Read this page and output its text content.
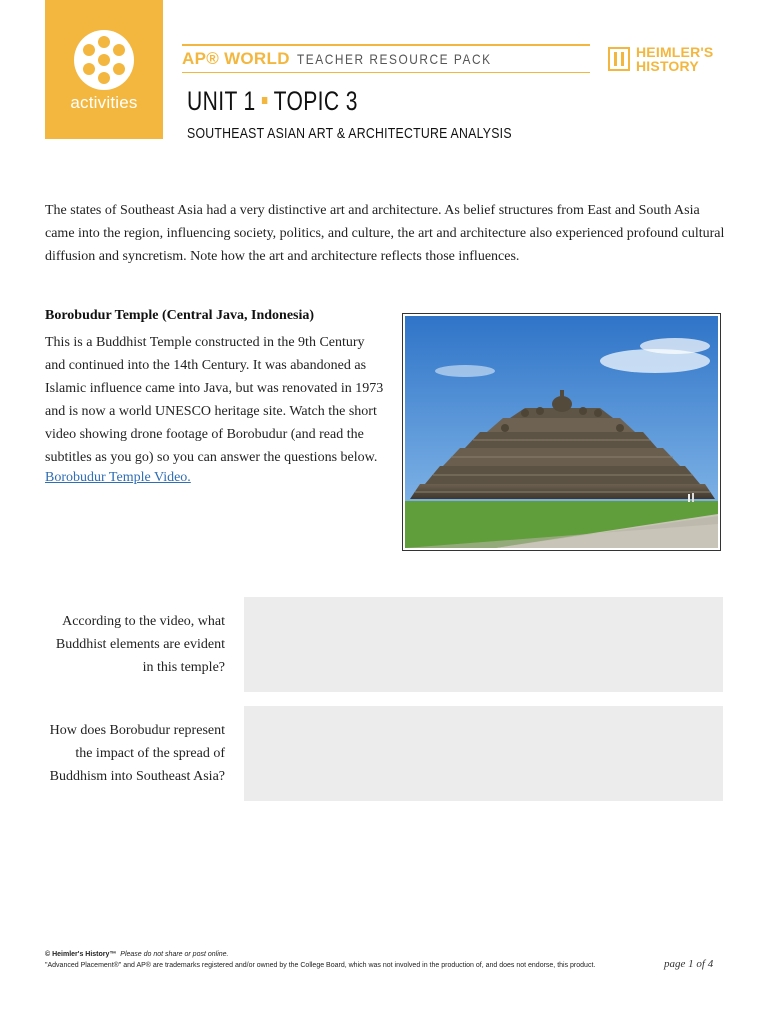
activities
AP® WORLD TEACHER RESOURCE PACK	HEIMLER'S
HISTORY
UNIT 1 TOPIC 3
SOUTHEAST ASIAN ART & ARCHITECTURE ANALYSIS
The states of Southeast Asia had a very distinctive art and architecture. As belief structures from East and South Asia
came into the region, influencing society, politics, and culture, the art and architecture also experienced profound cultural
diffusion and syncretism. Note how the art and architecture reflects those influences.
Borobudur Temple (Central Java, Indonesia)
This is a Buddhist Temple constructed in the 9th Century
and continued into the 14th Century. It was abandoned as
Islamic influence came into Java, but was renovated in 1973
and is now a world UNESCO heritage site. Watch the short
video showing drone footage of Borobudur (and read the
subtitles as you go) so you can answer the questions below.
Borobudur Temple Video.
According to the video, what
Buddhist elements are evident
in this temple?
How does Borobudur represent
the impact of the spread of
Buddhism into Southeast Asia?
© Heimler's History™ Please do not share or post online.
"Advanced Placement®" and AP® are trademarks registered and/or owned by the College Board, which was not involved in the production of, and does not endorse, this product.	page 1 of 4
